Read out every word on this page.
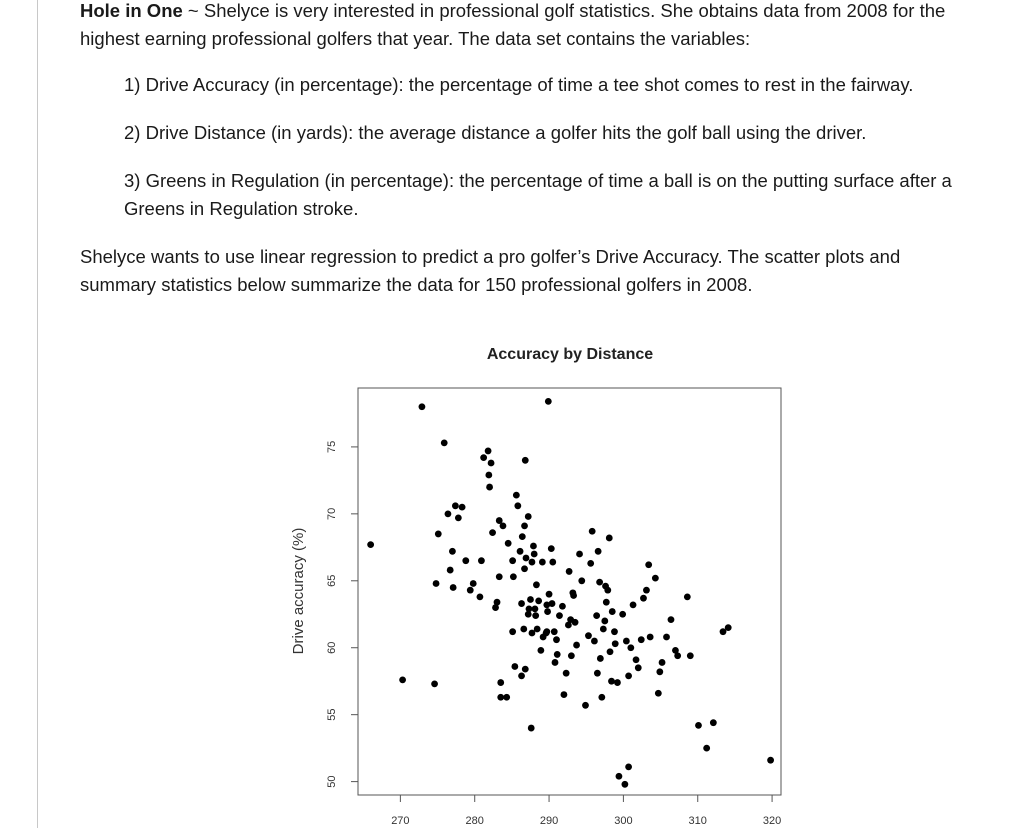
Hole in One ~ Shelyce is very interested in professional golf statistics. She obtains data from 2008 for the highest earning professional golfers that year. The data set contains the variables:

1) Drive Accuracy (in percentage): the percentage of time a tee shot comes to rest in the fairway.
2) Drive Distance (in yards): the average distance a golfer hits the golf ball using the driver.
3) Greens in Regulation (in percentage): the percentage of time a ball is on the putting surface after a Greens in Regulation stroke.

Shelyce wants to use linear regression to predict a pro golfer’s Drive Accuracy. The scatter plots and summary statistics below summarize the data for 150 professional golfers in 2008.

Accuracy by Distance
Drive accuracy (%)
270	280	290	300	310	320
50
55
60
65
70
75
